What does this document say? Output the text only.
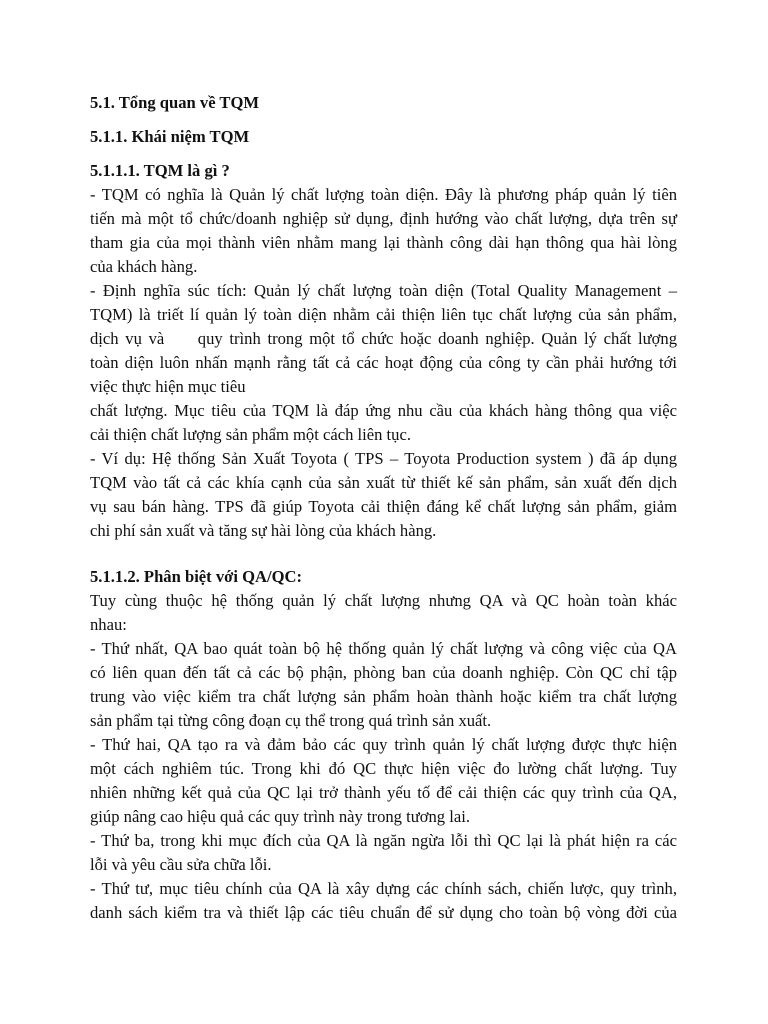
5.1. Tổng quan về TQM

5.1.1. Khái niệm TQM

5.1.1.1. TQM là gì ?

- TQM có nghĩa là Quản lý chất lượng toàn diện. Đây là phương pháp quản lý tiên
tiến mà một tổ chức/doanh nghiệp sử dụng, định hướng vào chất lượng, dựa trên sự
tham gia của mọi thành viên nhằm mang lại thành công dài hạn thông qua hài lòng
của khách hàng.
- Định nghĩa súc tích: Quản lý chất lượng toàn diện (Total Quality Management –
TQM) là triết lí quản lý toàn diện nhằm cải thiện liên tục chất lượng của sản phẩm,
dịch vụ và     quy trình trong một tổ chức hoặc doanh nghiệp. Quản lý chất lượng
toàn diện luôn nhấn mạnh rằng tất cả các hoạt động của công ty cần phải hướng tới
việc thực hiện mục tiêu
chất lượng. Mục tiêu của TQM là đáp ứng nhu cầu của khách hàng thông qua việc
cải thiện chất lượng sản phẩm một cách liên tục.
- Ví dụ: Hệ thống Sản Xuất Toyota ( TPS – Toyota Production system ) đã áp dụng
TQM vào tất cả các khía cạnh của sản xuất từ thiết kế sản phẩm, sản xuất đến dịch
vụ sau bán hàng. TPS đã giúp Toyota cải thiện đáng kể chất lượng sản phẩm, giảm
chi phí sản xuất và tăng sự hài lòng của khách hàng.

5.1.1.2. Phân biệt với QA/QC:

Tuy cùng thuộc hệ thống quản lý chất lượng nhưng QA và QC hoàn toàn khác
nhau:
- Thứ nhất, QA bao quát toàn bộ hệ thống quản lý chất lượng và công việc của QA
có liên quan đến tất cả các bộ phận, phòng ban của doanh nghiệp. Còn QC chỉ tập
trung vào việc kiểm tra chất lượng sản phẩm hoàn thành hoặc kiểm tra chất lượng
sản phẩm tại từng công đoạn cụ thể trong quá trình sản xuất.
- Thứ hai, QA tạo ra và đảm bảo các quy trình quản lý chất lượng được thực hiện
một cách nghiêm túc. Trong khi đó QC thực hiện việc đo lường chất lượng. Tuy
nhiên những kết quả của QC lại trở thành yếu tố để cải thiện các quy trình của QA,
giúp nâng cao hiệu quả các quy trình này trong tương lai.
- Thứ ba, trong khi mục đích của QA là ngăn ngừa lỗi thì QC lại là phát hiện ra các
lỗi và yêu cầu sửa chữa lỗi.
- Thứ tư, mục tiêu chính của QA là xây dựng các chính sách, chiến lược, quy trình,
danh sách kiểm tra và thiết lập các tiêu chuẩn để sử dụng cho toàn bộ vòng đời của
